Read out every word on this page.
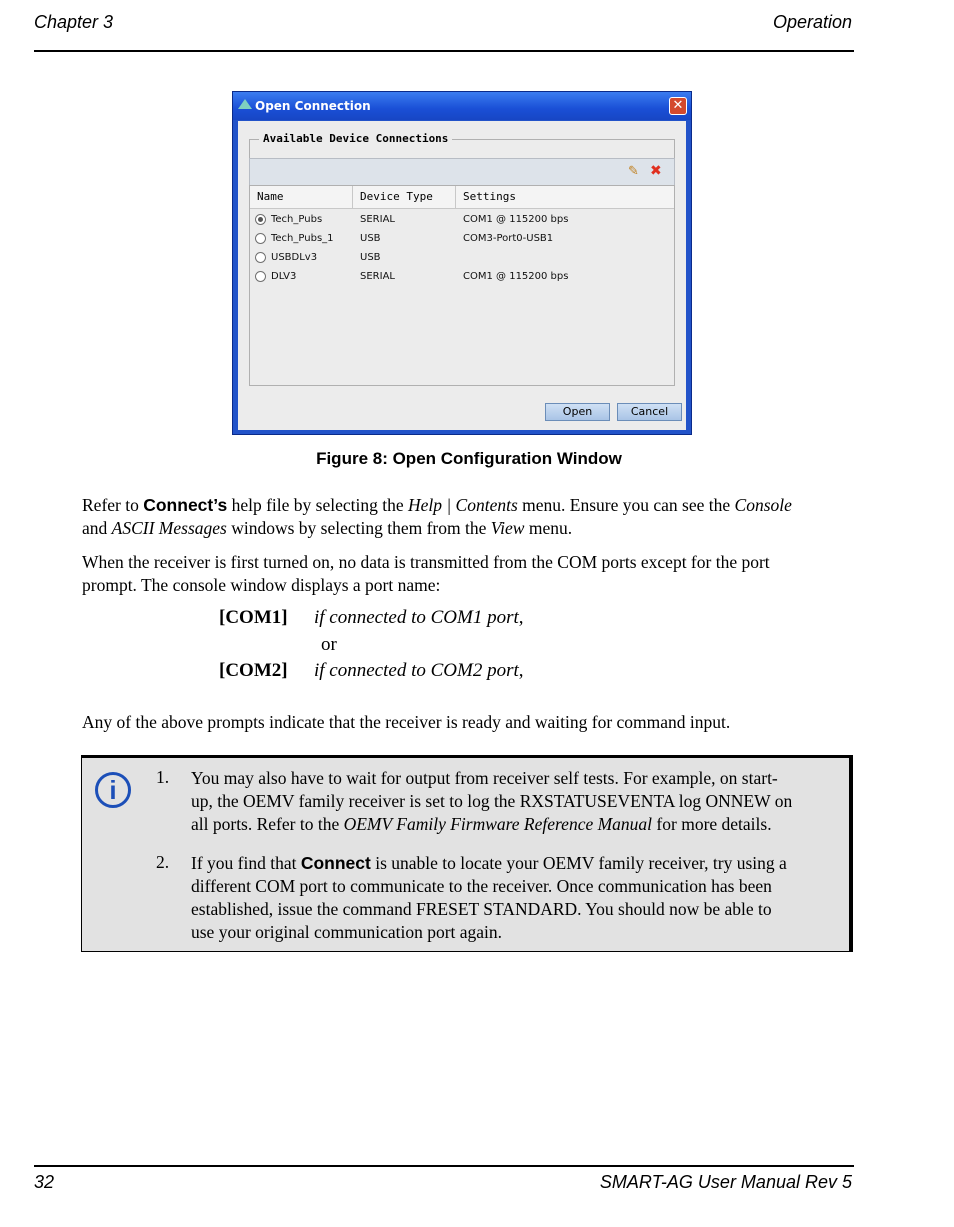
Chapter 3	Operation
Open Connection	✕
Available Device Connections
✎ ✖
Name	Device Type	Settings
Tech_Pubs	SERIAL	COM1 @ 115200 bps
Tech_Pubs_1	USB	COM3-Port0-USB1
USBDLv3	USB
DLV3	SERIAL	COM1 @ 115200 bps
Open	Cancel
Figure 8: Open Configuration Window
Refer to Connect’s help file by selecting the Help | Contents menu. Ensure you can see the Console
and ASCII Messages windows by selecting them from the View menu.
When the receiver is first turned on, no data is transmitted from the COM ports except for the port
prompt. The console window displays a port name:
[COM1] if connected to COM1 port,
or
[COM2] if connected to COM2 port,
Any of the above prompts indicate that the receiver is ready and waiting for command input.
i	1. You may also have to wait for output from receiver self tests. For example, on start-
up, the OEMV family receiver is set to log the RXSTATUSEVENTA log ONNEW on
all ports. Refer to the OEMV Family Firmware Reference Manual for more details.
2. If you find that Connect is unable to locate your OEMV family receiver, try using a
different COM port to communicate to the receiver. Once communication has been
established, issue the command FRESET STANDARD. You should now be able to
use your original communication port again.
32	SMART-AG User Manual Rev 5
